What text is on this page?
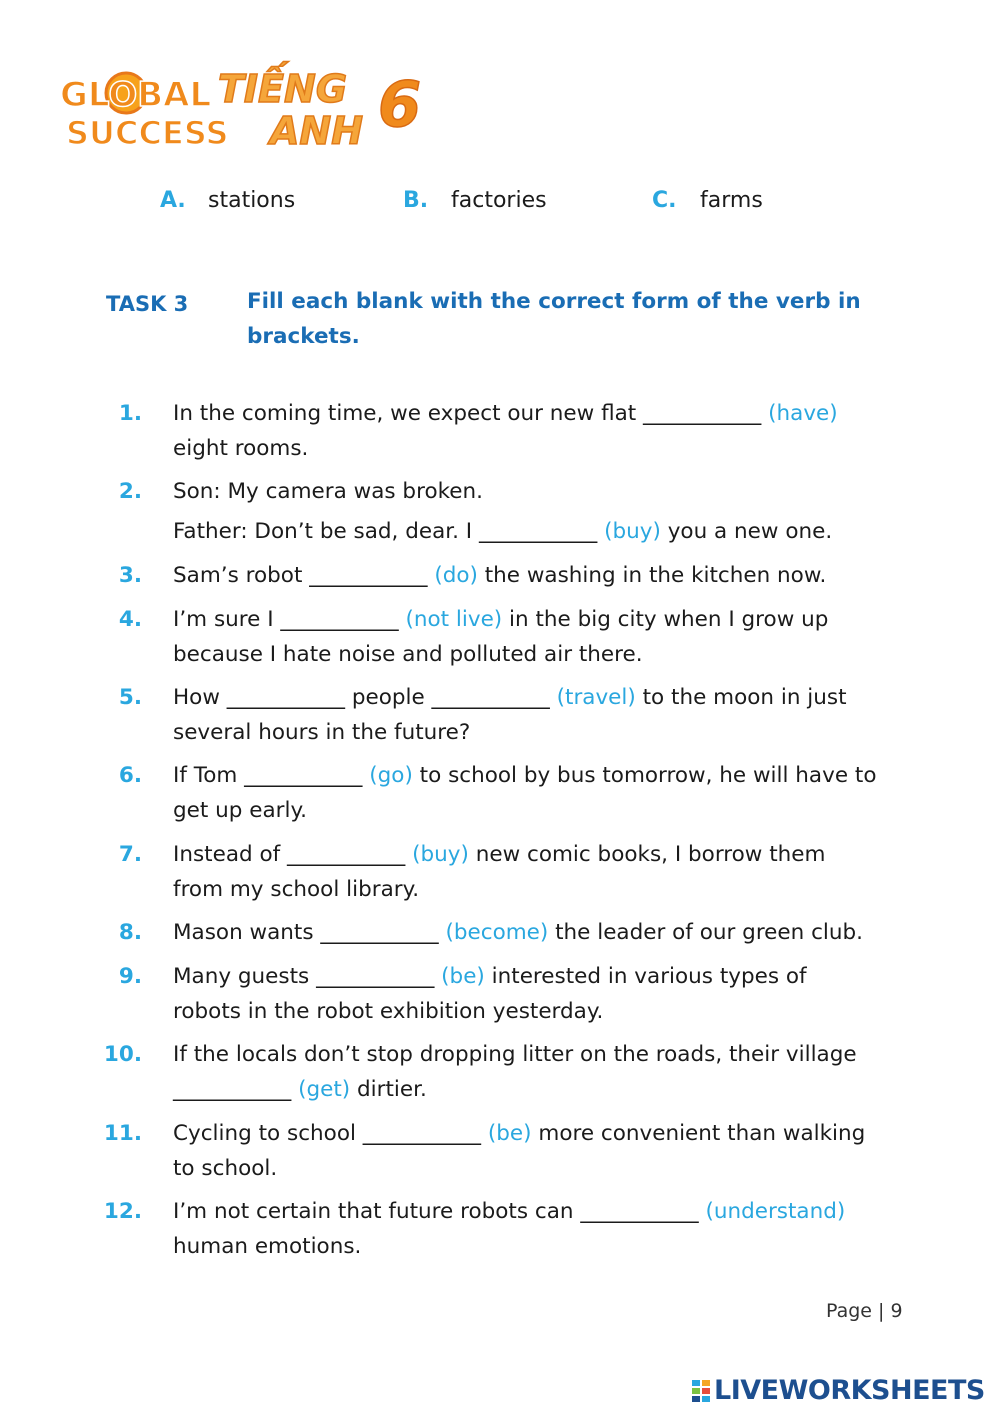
GLOBAL
SUCCESS
TIẾNG
ANH 6
A. stations	B. factories	C. farms
TASK 3	Fill each blank with the correct form of the verb in
brackets.
1. In the coming time, we expect our new flat ___________ (have)
eight rooms.
2. Son: My camera was broken.
Father: Don’t be sad, dear. I ___________ (buy) you a new one.
3. Sam’s robot ___________ (do) the washing in the kitchen now.
4. I’m sure I ___________ (not live) in the big city when I grow up
because I hate noise and polluted air there.
5. How ___________ people ___________ (travel) to the moon in just
several hours in the future?
6. If Tom ___________ (go) to school by bus tomorrow, he will have to
get up early.
7. Instead of ___________ (buy) new comic books, I borrow them
from my school library.
8. Mason wants ___________ (become) the leader of our green club.
9. Many guests ___________ (be) interested in various types of
robots in the robot exhibition yesterday.
10. If the locals don’t stop dropping litter on the roads, their village
___________ (get) dirtier.
11. Cycling to school ___________ (be) more convenient than walking
to school.
12. I’m not certain that future robots can ___________ (understand)
human emotions.
Page | 9
LIVEWORKSHEETS
